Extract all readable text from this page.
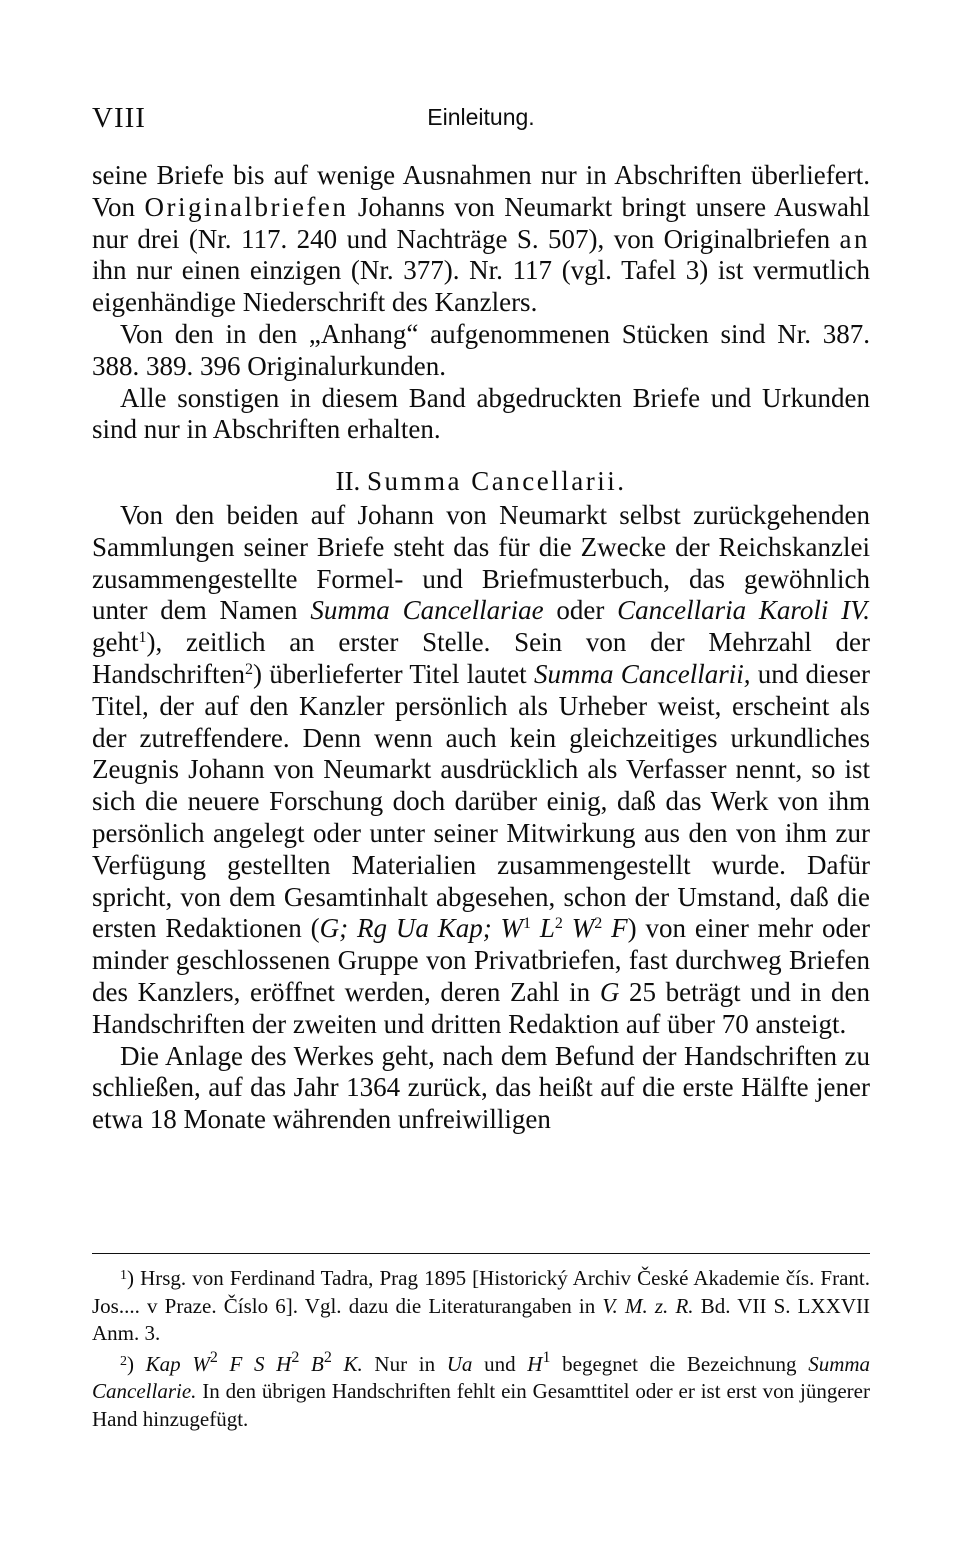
VIII	Einleitung.

seine Briefe bis auf wenige Ausnahmen nur in Abschriften überliefert. Von Originalbriefen Johanns von Neumarkt bringt unsere Auswahl nur drei (Nr. 117. 240 und Nachträge S. 507), von Originalbriefen an ihn nur einen einzigen (Nr. 377). Nr. 117 (vgl. Tafel 3) ist vermutlich eigenhändige Niederschrift des Kanzlers.

Von den in den „Anhang“ aufgenommenen Stücken sind Nr. 387. 388. 389. 396 Originalurkunden.

Alle sonstigen in diesem Band abgedruckten Briefe und Urkunden sind nur in Abschriften erhalten.

II. Summa Cancellarii.

Von den beiden auf Johann von Neumarkt selbst zurückgehenden Sammlungen seiner Briefe steht das für die Zwecke der Reichskanzlei zusammengestellte Formel- und Briefmusterbuch, das gewöhnlich unter dem Namen Summa Cancellariae oder Cancellaria Karoli IV. geht$^1$), zeitlich an erster Stelle. Sein von der Mehrzahl der Handschriften$^2$) überlieferter Titel lautet Summa Cancellarii, und dieser Titel, der auf den Kanzler persönlich als Urheber weist, erscheint als der zutreffendere. Denn wenn auch kein gleichzeitiges urkundliches Zeugnis Johann von Neumarkt ausdrücklich als Verfasser nennt, so ist sich die neuere Forschung doch darüber einig, daß das Werk von ihm persönlich angelegt oder unter seiner Mitwirkung aus den von ihm zur Verfügung gestellten Materialien zusammengestellt wurde. Dafür spricht, von dem Gesamtinhalt abgesehen, schon der Umstand, daß die ersten Redaktionen (G; Rg Ua Kap; $W^1$ $L^2$ $W^2$ F) von einer mehr oder minder geschlossenen Gruppe von Privatbriefen, fast durchweg Briefen des Kanzlers, eröffnet werden, deren Zahl in G 25 beträgt und in den Handschriften der zweiten und dritten Redaktion auf über 70 ansteigt.

Die Anlage des Werkes geht, nach dem Befund der Handschriften zu schließen, auf das Jahr 1364 zurück, das heißt auf die erste Hälfte jener etwa 18 Monate währenden unfreiwilligen

$^1$) Hrsg. von Ferdinand Tadra, Prag 1895 [Historický Archiv České Akademie čís. Frant. Jos.... v Praze. Číslo 6]. Vgl. dazu die Literaturangaben in V. M. z. R. Bd. VII S. LXXVII Anm. 3.

$^2$) Kap $W^2$ F S $H^2$ $B^2$ K. Nur in Ua und $H^1$ begegnet die Bezeichnung Summa Cancellarie. In den übrigen Handschriften fehlt ein Gesamttitel oder er ist erst von jüngerer Hand hinzugefügt.
